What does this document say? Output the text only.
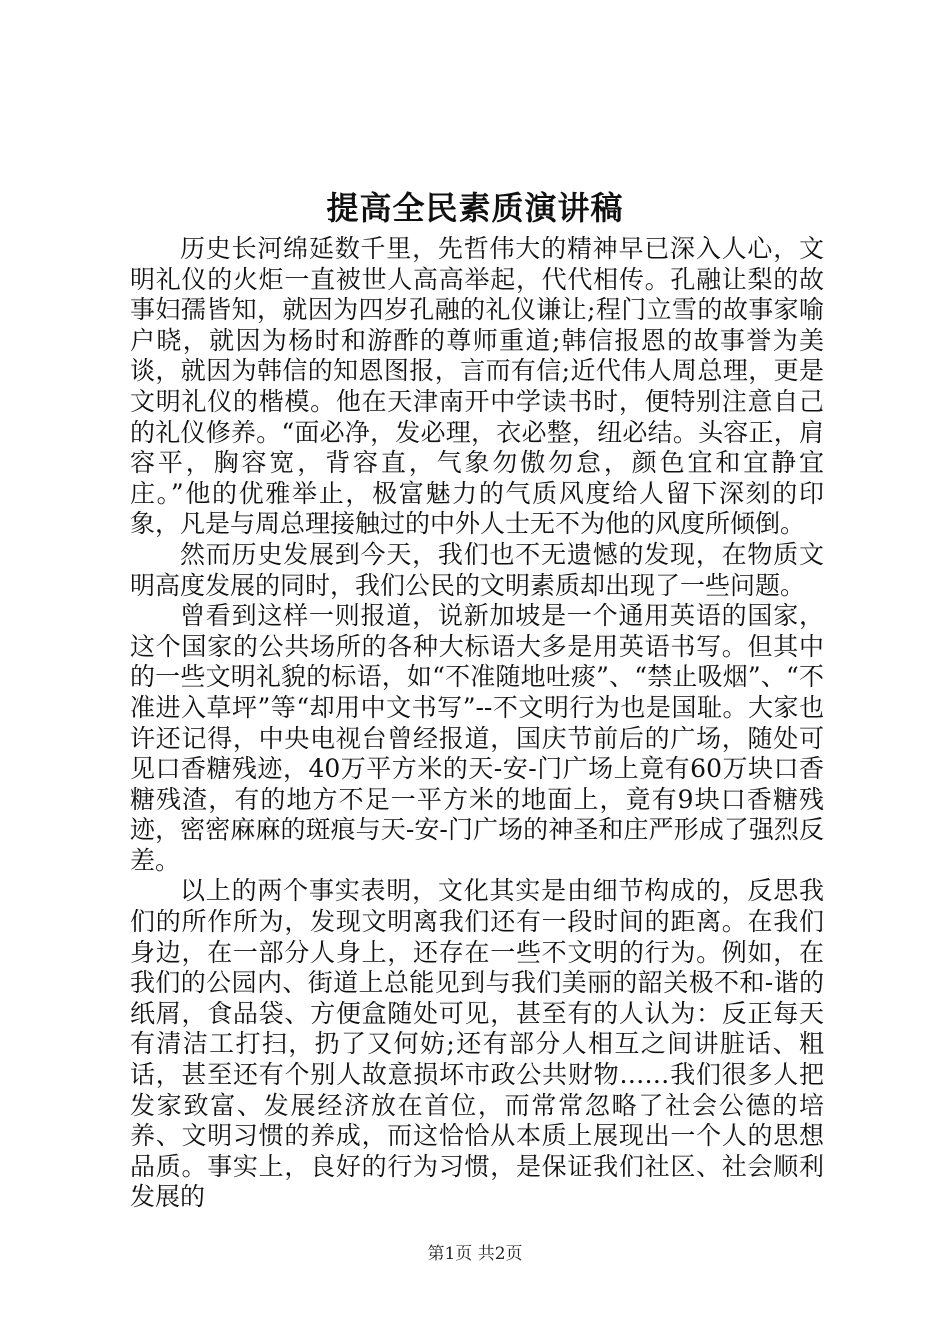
提高全民素质演讲稿

历史长河绵延数千里，先哲伟大的精神早已深入人心，文明礼仪的火炬一直被世人高高举起，代代相传。孔融让梨的故事妇孺皆知，就因为四岁孔融的礼仪谦让;程门立雪的故事家喻户晓，就因为杨时和游酢的尊师重道;韩信报恩的故事誉为美谈，就因为韩信的知恩图报，言而有信;近代伟人周总理，更是文明礼仪的楷模。他在天津南开中学读书时，便特别注意自己的礼仪修养。“面必净，发必理，衣必整，纽必结。头容正，肩容平，胸容宽，背容直，气象勿傲勿怠，颜色宜和宜静宜庄。”他的优雅举止，极富魅力的气质风度给人留下深刻的印象，凡是与周总理接触过的中外人士无不为他的风度所倾倒。

然而历史发展到今天，我们也不无遗憾的发现，在物质文明高度发展的同时，我们公民的文明素质却出现了一些问题。

曾看到这样一则报道，说新加坡是一个通用英语的国家，这个国家的公共场所的各种大标语大多是用英语书写。但其中的一些文明礼貌的标语，如“不准随地吐痰”、“禁止吸烟”、“不准进入草坪”等“却用中文书写”--不文明行为也是国耻。大家也许还记得，中央电视台曾经报道，国庆节前后的广场，随处可见口香糖残迹，40万平方米的天-安-门广场上竟有60万块口香糖残渣，有的地方不足一平方米的地面上，竟有9块口香糖残迹，密密麻麻的斑痕与天-安-门广场的神圣和庄严形成了强烈反差。

以上的两个事实表明，文化其实是由细节构成的，反思我们的所作所为，发现文明离我们还有一段时间的距离。在我们身边，在一部分人身上，还存在一些不文明的行为。例如，在我们的公园内、街道上总能见到与我们美丽的韶关极不和-谐的纸屑，食品袋、方便盒随处可见，甚至有的人认为：反正每天有清洁工打扫，扔了又何妨;还有部分人相互之间讲脏话、粗话，甚至还有个别人故意损坏市政公共财物……我们很多人把发家致富、发展经济放在首位，而常常忽略了社会公德的培养、文明习惯的养成，而这恰恰从本质上展现出一个人的思想品质。事实上，良好的行为习惯，是保证我们社区、社会顺利发展的

第1页 共2页
